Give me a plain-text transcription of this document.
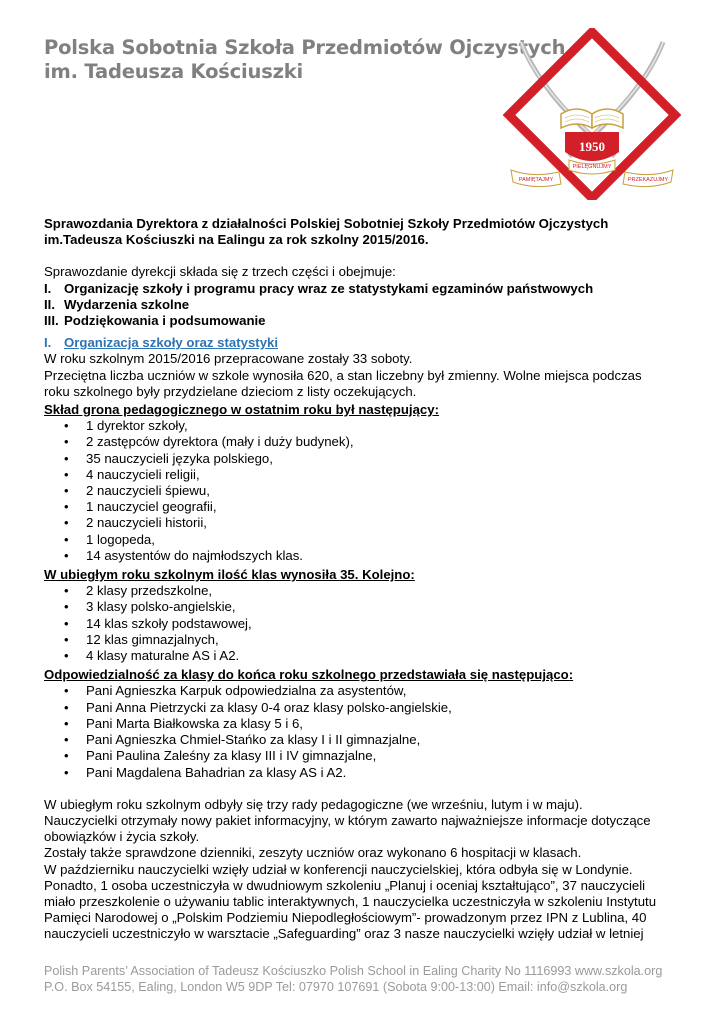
Polska Sobotnia Szkoła Przedmiotów Ojczystych
im. Tadeusza Kościuszki
1950
PAMIĘTAJMY
PIELĘGNUJMY
PRZEKAZUJMY
Sprawozdania Dyrektora z działalności Polskiej Sobotniej Szkoły Przedmiotów Ojczystych
im.Tadeusza Kościuszki na Ealingu za rok szkolny 2015/2016.
Sprawozdanie dyrekcji składa się z trzech części i obejmuje:
I. Organizację szkoły i programu pracy wraz ze statystykami egzaminów państwowych
II. Wydarzenia szkolne
III. Podziękowania i podsumowanie
I. Organizacja szkoły oraz statystyki
W roku szkolnym 2015/2016 przepracowane zostały 33 soboty.
Przeciętna liczba uczniów w szkole wynosiła 620, a stan liczebny był zmienny. Wolne miejsca podczas
roku szkolnego były przydzielane dzieciom z listy oczekujących.
Skład grona pedagogicznego w ostatnim roku był następujący:
• 1 dyrektor szkoły,
• 2 zastępców dyrektora (mały i duży budynek),
• 35 nauczycieli języka polskiego,
• 4 nauczycieli religii,
• 2 nauczycieli śpiewu,
• 1 nauczyciel geografii,
• 2 nauczycieli historii,
• 1 logopeda,
• 14 asystentów do najmłodszych klas.
W ubiegłym roku szkolnym ilość klas wynosiła 35. Kolejno:
• 2 klasy przedszkolne,
• 3 klasy polsko-angielskie,
• 14 klas szkoły podstawowej,
• 12 klas gimnazjalnych,
• 4 klasy maturalne AS i A2.
Odpowiedzialność za klasy do końca roku szkolnego przedstawiała się następująco:
• Pani Agnieszka Karpuk odpowiedzialna za asystentów,
• Pani Anna Pietrzycki za klasy 0-4 oraz klasy polsko-angielskie,
• Pani Marta Białkowska za klasy 5 i 6,
• Pani Agnieszka Chmiel-Stańko za klasy I i II gimnazjalne,
• Pani Paulina Zaleśny za klasy III i IV gimnazjalne,
• Pani Magdalena Bahadrian za klasy AS i A2.
W ubiegłym roku szkolnym odbyły się trzy rady pedagogiczne (we wrześniu, lutym i w maju).
Nauczycielki otrzymały nowy pakiet informacyjny, w którym zawarto najważniejsze informacje dotyczące
obowiązków i życia szkoły.
Zostały także sprawdzone dzienniki, zeszyty uczniów oraz wykonano 6 hospitacji w klasach.
W październiku nauczycielki wzięły udział w konferencji nauczycielskiej, która odbyła się w Londynie.
Ponadto, 1 osoba uczestniczyła w dwudniowym szkoleniu „Planuj i oceniaj kształtująco”, 37 nauczycieli
miało przeszkolenie o używaniu tablic interaktywnych, 1 nauczycielka uczestniczyła w szkoleniu Instytutu
Pamięci Narodowej o „Polskim Podziemiu Niepodległościowym”- prowadzonym przez IPN z Lublina, 40
nauczycieli uczestniczyło w warsztacie „Safeguarding” oraz 3 nasze nauczycielki wzięły udział w letniej
Polish Parents’ Association of Tadeusz Kościuszko Polish School in Ealing Charity No 1116993 www.szkola.org
P.O. Box 54155, Ealing, London W5 9DP Tel: 07970 107691 (Sobota 9:00-13:00) Email: info@szkola.org
